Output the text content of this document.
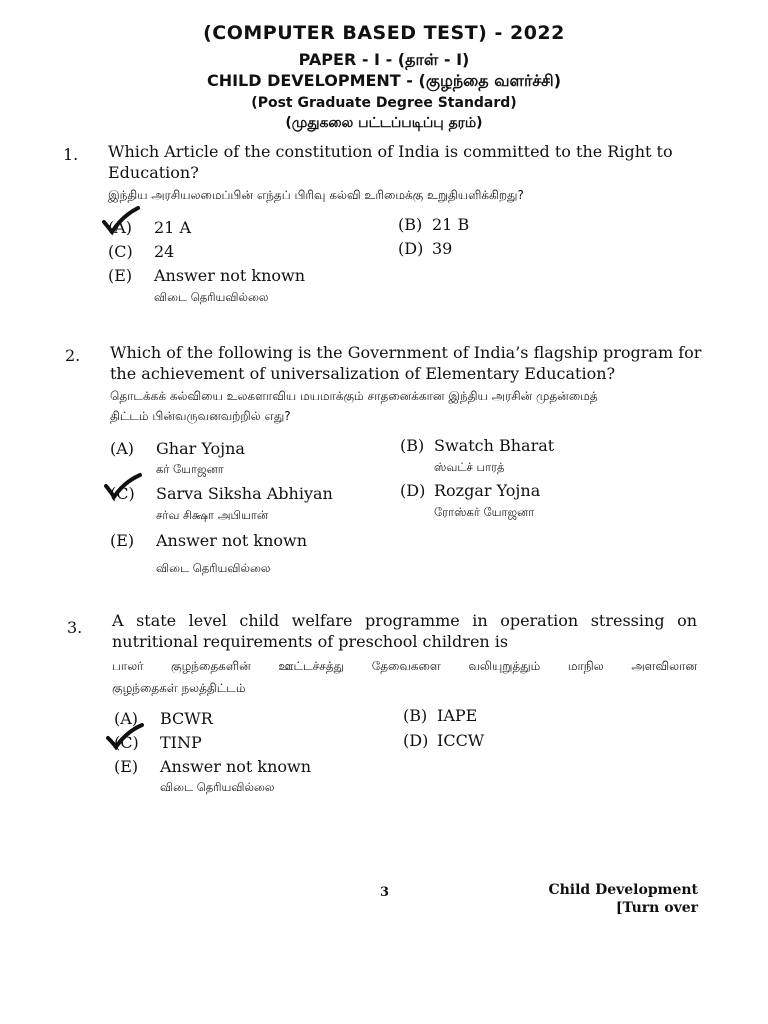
(COMPUTER BASED TEST) - 2022
PAPER - I - (தாள் - I)
CHILD DEVELOPMENT - (குழந்தை வளர்ச்சி)
(Post Graduate Degree Standard)
(முதுகலை பட்டப்படிப்பு தரம்)
1. Which Article of the constitution of India is committed to the Right to Education?
இந்திய அரசியலமைப்பின் எந்தப் பிரிவு கல்வி உரிமைக்கு உறுதியளிக்கிறது?
(A) 21 A	(B) 21 B
(C) 24	(D) 39
(E) Answer not known
விடை தெரியவில்லை
2. Which of the following is the Government of India’s flagship program for
the achievement of universalization of Elementary Education?
தொடக்கக் கல்வியை உலகளாவிய மயமாக்கும் சாதனைக்கான இந்திய அரசின் முதன்மைத்
திட்டம் பின்வருவனவற்றில் எது?
(A) Ghar Yojna
கர் யோஜனா
(B) Swatch Bharat
ஸ்வட்ச் பாரத்
(C) Sarva Siksha Abhiyan
சர்வ சிக்ஷா அபியான்
(D) Rozgar Yojna
ரோஸ்கர் யோஜனா
(E) Answer not known
விடை தெரியவில்லை
3. A state level child welfare programme in operation stressing on
nutritional requirements of preschool children is
பாலர் குழந்தைகளின் ஊட்டச்சத்து தேவைகளை வலியுறுத்தும் மாநில அளவிலான
குழந்தைகள் நலத்திட்டம்
(A) BCWR	(B) IAPE
(C) TINP	(D) ICCW
(E) Answer not known
விடை தெரியவில்லை
3	Child Development
[Turn over
